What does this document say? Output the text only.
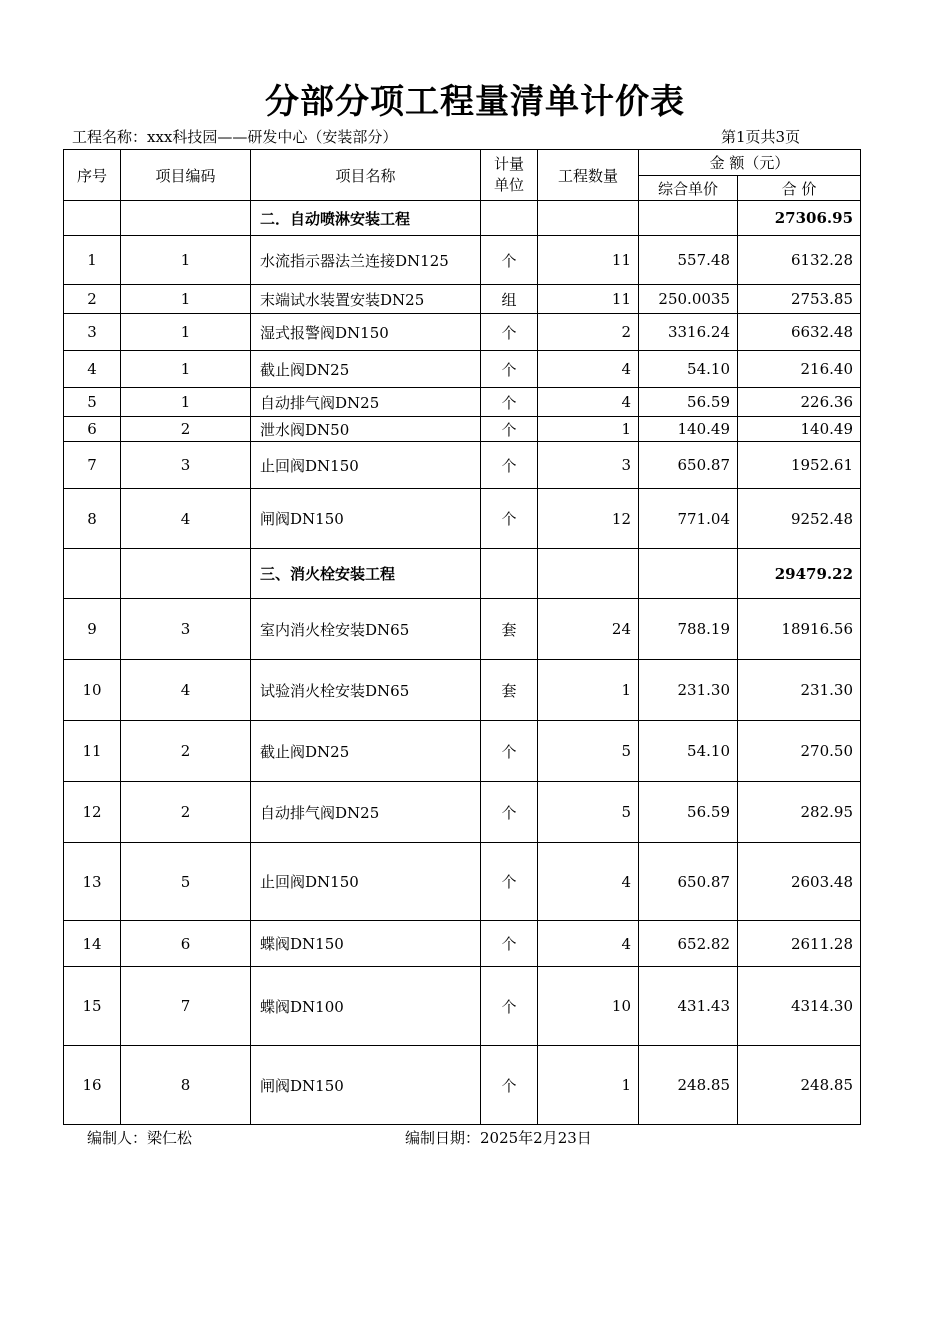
分部分项工程量清单计价表
工程名称：xxx科技园——研发中心（安装部分）	第1页共3页
序号	项目编码	项目名称	计量单位	工程数量	金 额（元）	
					综合单价	合 价
		二．自动喷淋安装工程				27306.95
1	1	水流指示器法兰连接DN125	个	11	557.48	6132.28
2	1	末端试水装置安装DN25	组	11	250.0035	2753.85
3	1	湿式报警阀DN150	个	2	3316.24	6632.48
4	1	截止阀DN25	个	4	54.10	216.40
5	1	自动排气阀DN25	个	4	56.59	226.36
6	2	泄水阀DN50	个	1	140.49	140.49
7	3	止回阀DN150	个	3	650.87	1952.61
8	4	闸阀DN150	个	12	771.04	9252.48
		三、消火栓安装工程				29479.22
9	3	室内消火栓安装DN65	套	24	788.19	18916.56
10	4	试验消火栓安装DN65	套	1	231.30	231.30
11	2	截止阀DN25	个	5	54.10	270.50
12	2	自动排气阀DN25	个	5	56.59	282.95
13	5	止回阀DN150	个	4	650.87	2603.48
14	6	蝶阀DN150	个	4	652.82	2611.28
15	7	蝶阀DN100	个	10	431.43	4314.30
16	8	闸阀DN150	个	1	248.85	248.85
编制人：梁仁松	编制日期：2025年2月23日
